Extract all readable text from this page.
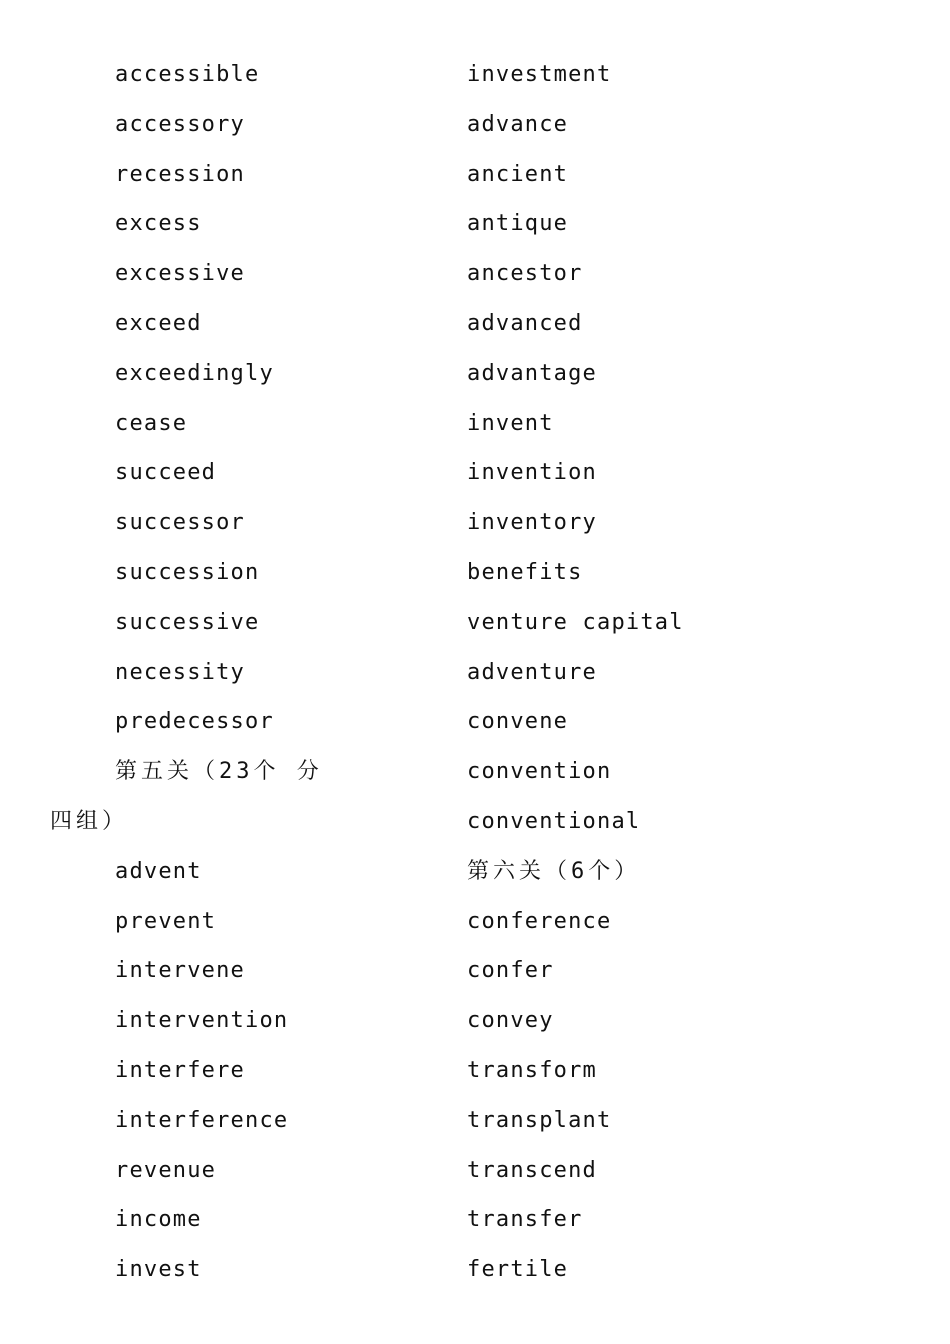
accessible
accessory
recession
excess
excessive
exceed
exceedingly
cease
succeed
successor
succession
successive
necessity
predecessor
第五关（23个 分
四组）
advent
prevent
intervene
intervention
interfere
interference
revenue
income
invest
investment
advance
ancient
antique
ancestor
advanced
advantage
invent
invention
inventory
benefits
venture capital
adventure
convene
convention
conventional
第六关（6个）
conference
confer
convey
transform
transplant
transcend
transfer
fertile
